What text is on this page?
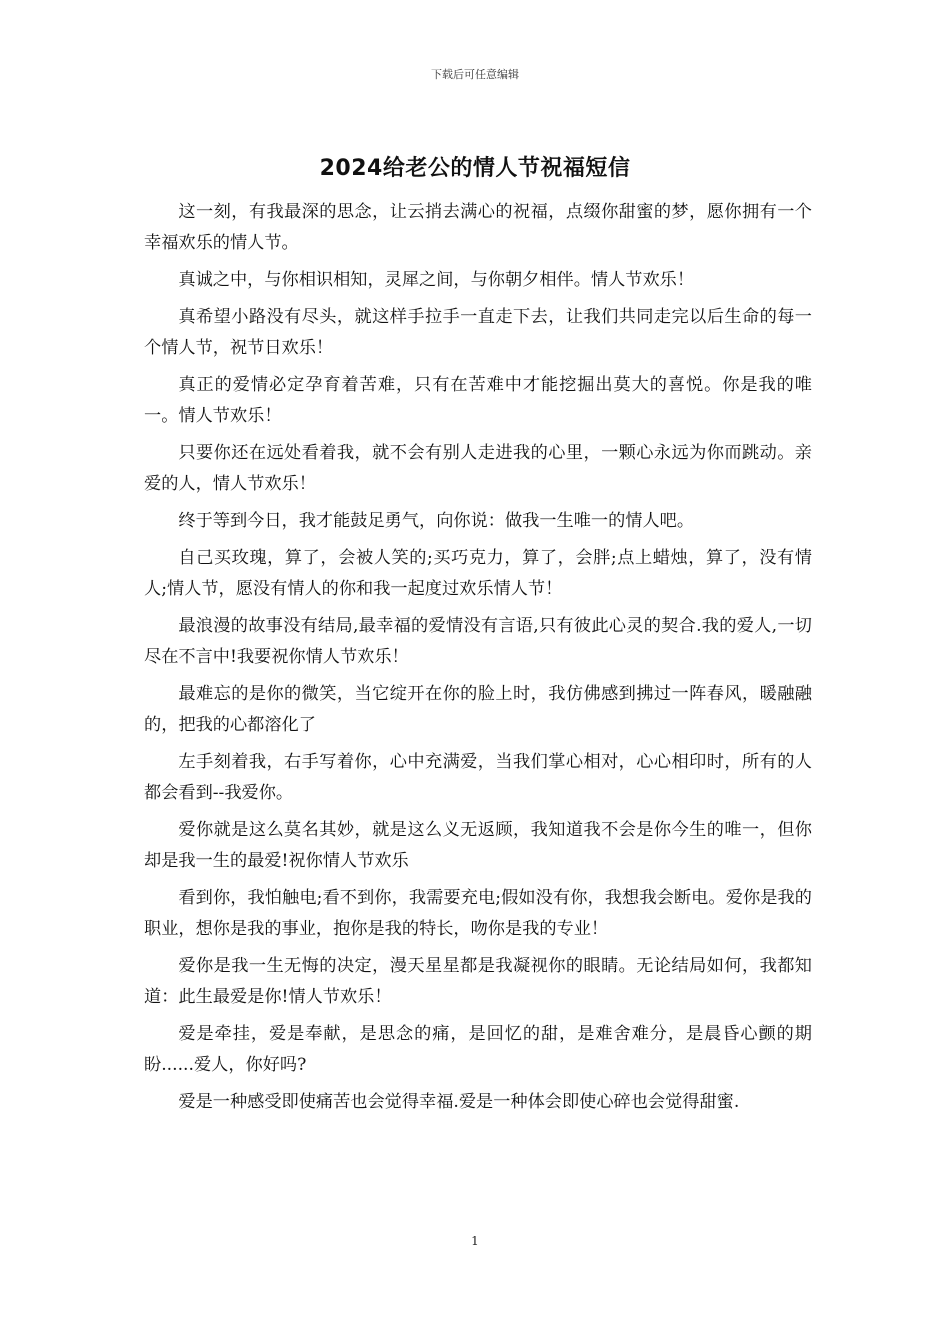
下载后可任意编辑
2024给老公的情人节祝福短信

这一刻，有我最深的思念，让云捎去满心的祝福，点缀你甜蜜的梦，愿你拥有一个幸福欢乐的情人节。

真诚之中，与你相识相知，灵犀之间，与你朝夕相伴。情人节欢乐！

真希望小路没有尽头，就这样手拉手一直走下去，让我们共同走完以后生命的每一个情人节，祝节日欢乐！

真正的爱情必定孕育着苦难，只有在苦难中才能挖掘出莫大的喜悦。你是我的唯一。情人节欢乐！

只要你还在远处看着我，就不会有别人走进我的心里，一颗心永远为你而跳动。亲爱的人，情人节欢乐！

终于等到今日，我才能鼓足勇气，向你说：做我一生唯一的情人吧。

自己买玫瑰，算了，会被人笑的;买巧克力，算了，会胖;点上蜡烛，算了，没有情人;情人节，愿没有情人的你和我一起度过欢乐情人节！

最浪漫的故事没有结局,最幸福的爱情没有言语,只有彼此心灵的契合.我的爱人,一切尽在不言中!我要祝你情人节欢乐！

最难忘的是你的微笑，当它绽开在你的脸上时，我仿佛感到拂过一阵春风，暖融融的，把我的心都溶化了

左手刻着我，右手写着你，心中充满爱，当我们掌心相对，心心相印时，所有的人都会看到--我爱你。

爱你就是这么莫名其妙，就是这么义无返顾，我知道我不会是你今生的唯一，但你却是我一生的最爱!祝你情人节欢乐

看到你，我怕触电;看不到你，我需要充电;假如没有你，我想我会断电。爱你是我的职业，想你是我的事业，抱你是我的特长，吻你是我的专业！

爱你是我一生无悔的决定，漫天星星都是我凝视你的眼睛。无论结局如何，我都知道：此生最爱是你!情人节欢乐！

爱是牵挂，爱是奉献，是思念的痛，是回忆的甜，是难舍难分，是晨昏心颤的期盼......爱人，你好吗?

爱是一种感受即使痛苦也会觉得幸福.爱是一种体会即使心碎也会觉得甜蜜.

1
